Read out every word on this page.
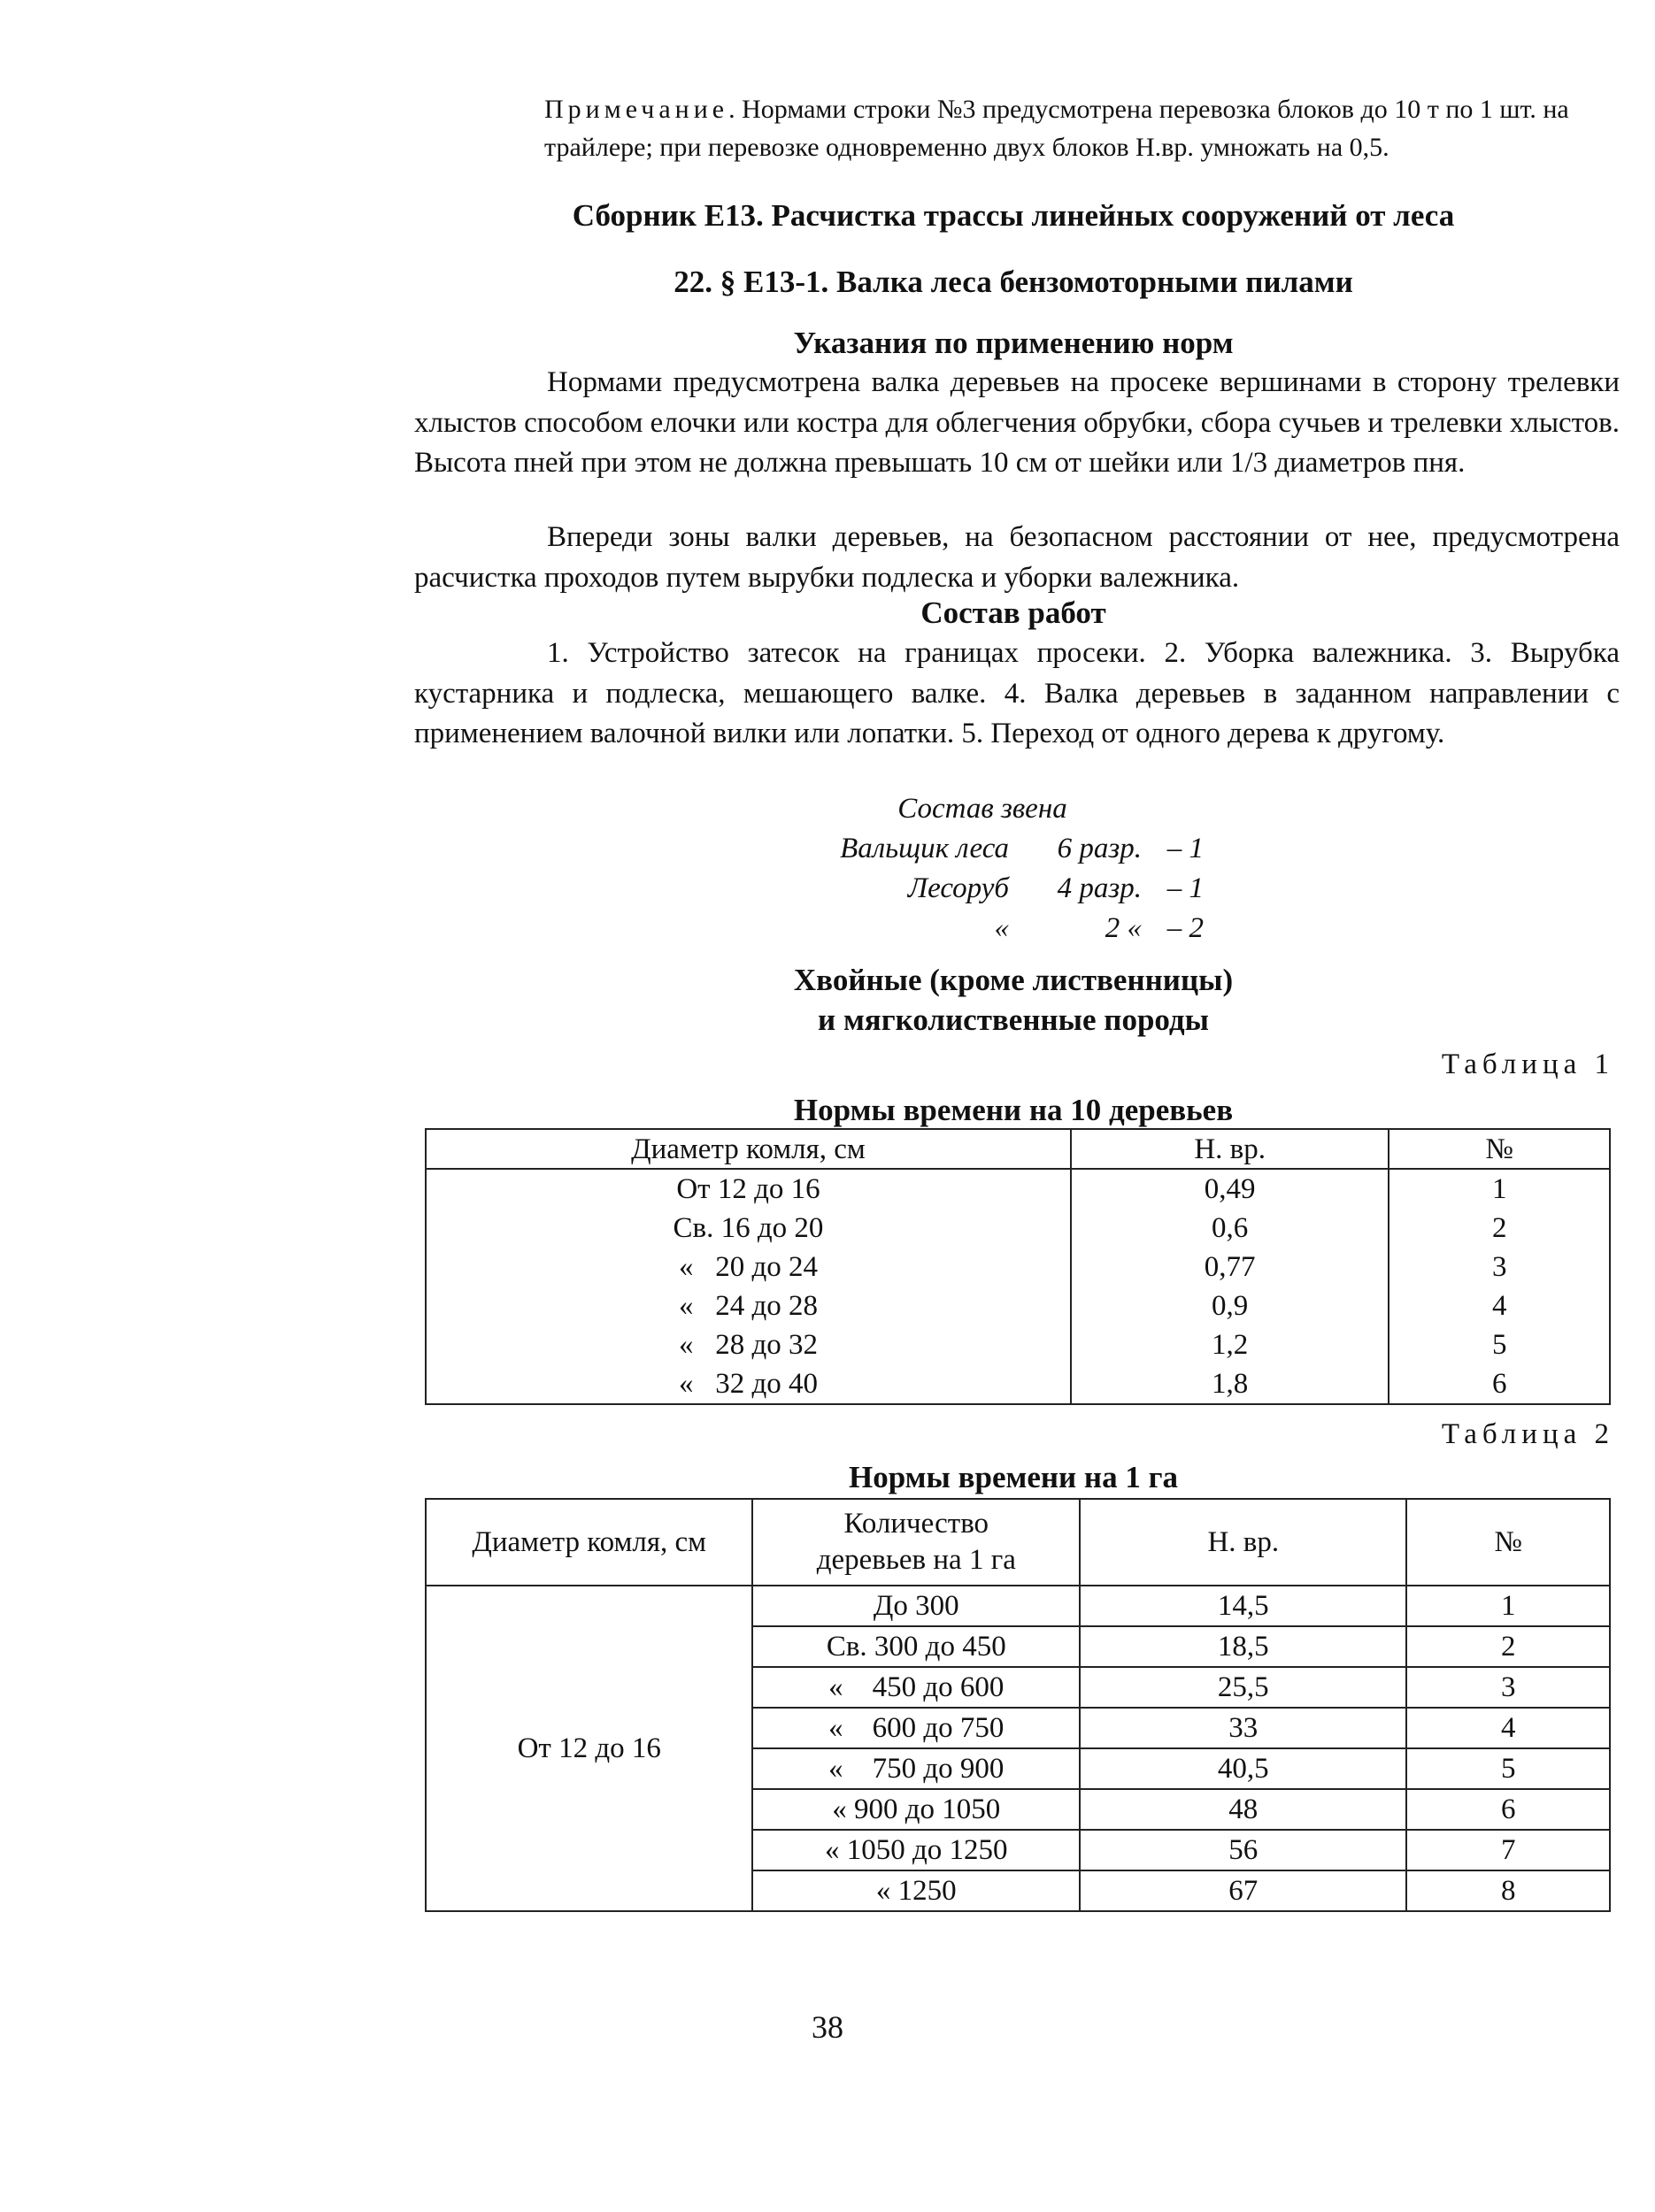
Примечание. Нормами строки №3 предусмотрена перевозка блоков до 10 т по 1 шт. на трайлере; при перевозке одновременно двух блоков Н.вр. умножать на 0,5.
Сборник Е13. Расчистка трассы линейных сооружений от леса
22. § Е13-1. Валка леса бензомоторными пилами
Указания по применению норм

Нормами предусмотрена валка деревьев на просеке вершинами в сторону трелевки хлыстов способом елочки или костра для облегчения обрубки, сбора сучьев и трелевки хлыстов. Высота пней при этом не должна превышать 10 см от шейки или 1/3 диаметров пня.

Впереди зоны валки деревьев, на безопасном расстоянии от нее, предусмотрена расчистка проходов путем вырубки подлеска и уборки валежника.

Состав работ

1. Устройство затесок на границах просеки. 2. Уборка валежника. 3. Вырубка кустарника и подлеска, мешающего валке. 4. Валка деревьев в заданном направлении с применением валочной вилки или лопатки. 5. Переход от одного дерева к другому.

Состав звена
Вальщик леса	6 разр. – 1
Лесоруб	4 разр. – 1
«	2 « – 2
Хвойные (кроме лиственницы)
и мягколиственные породы
Таблица 1
Нормы времени на 10 деревьев
Диаметр комля, см	Н. вр.	№
От 12 до 16	0,49	1
Св. 16 до 20	0,6	2
«   20 до 24	0,77	3
«   24 до 28	0,9	4
«   28 до 32	1,2	5
«   32 до 40	1,8	6
Таблица 2
Нормы времени на 1 га
Диаметр комля, см	Количество деревьев на 1 га	Н. вр.	№
От 12 до 16	До 300	14,5	1
	Св. 300 до 450	18,5	2
	«    450 до 600	25,5	3
	«    600 до 750	33	4
	«    750 до 900	40,5	5
	« 900 до 1050	48	6
	« 1050 до 1250	56	7
	« 1250	67	8
38
